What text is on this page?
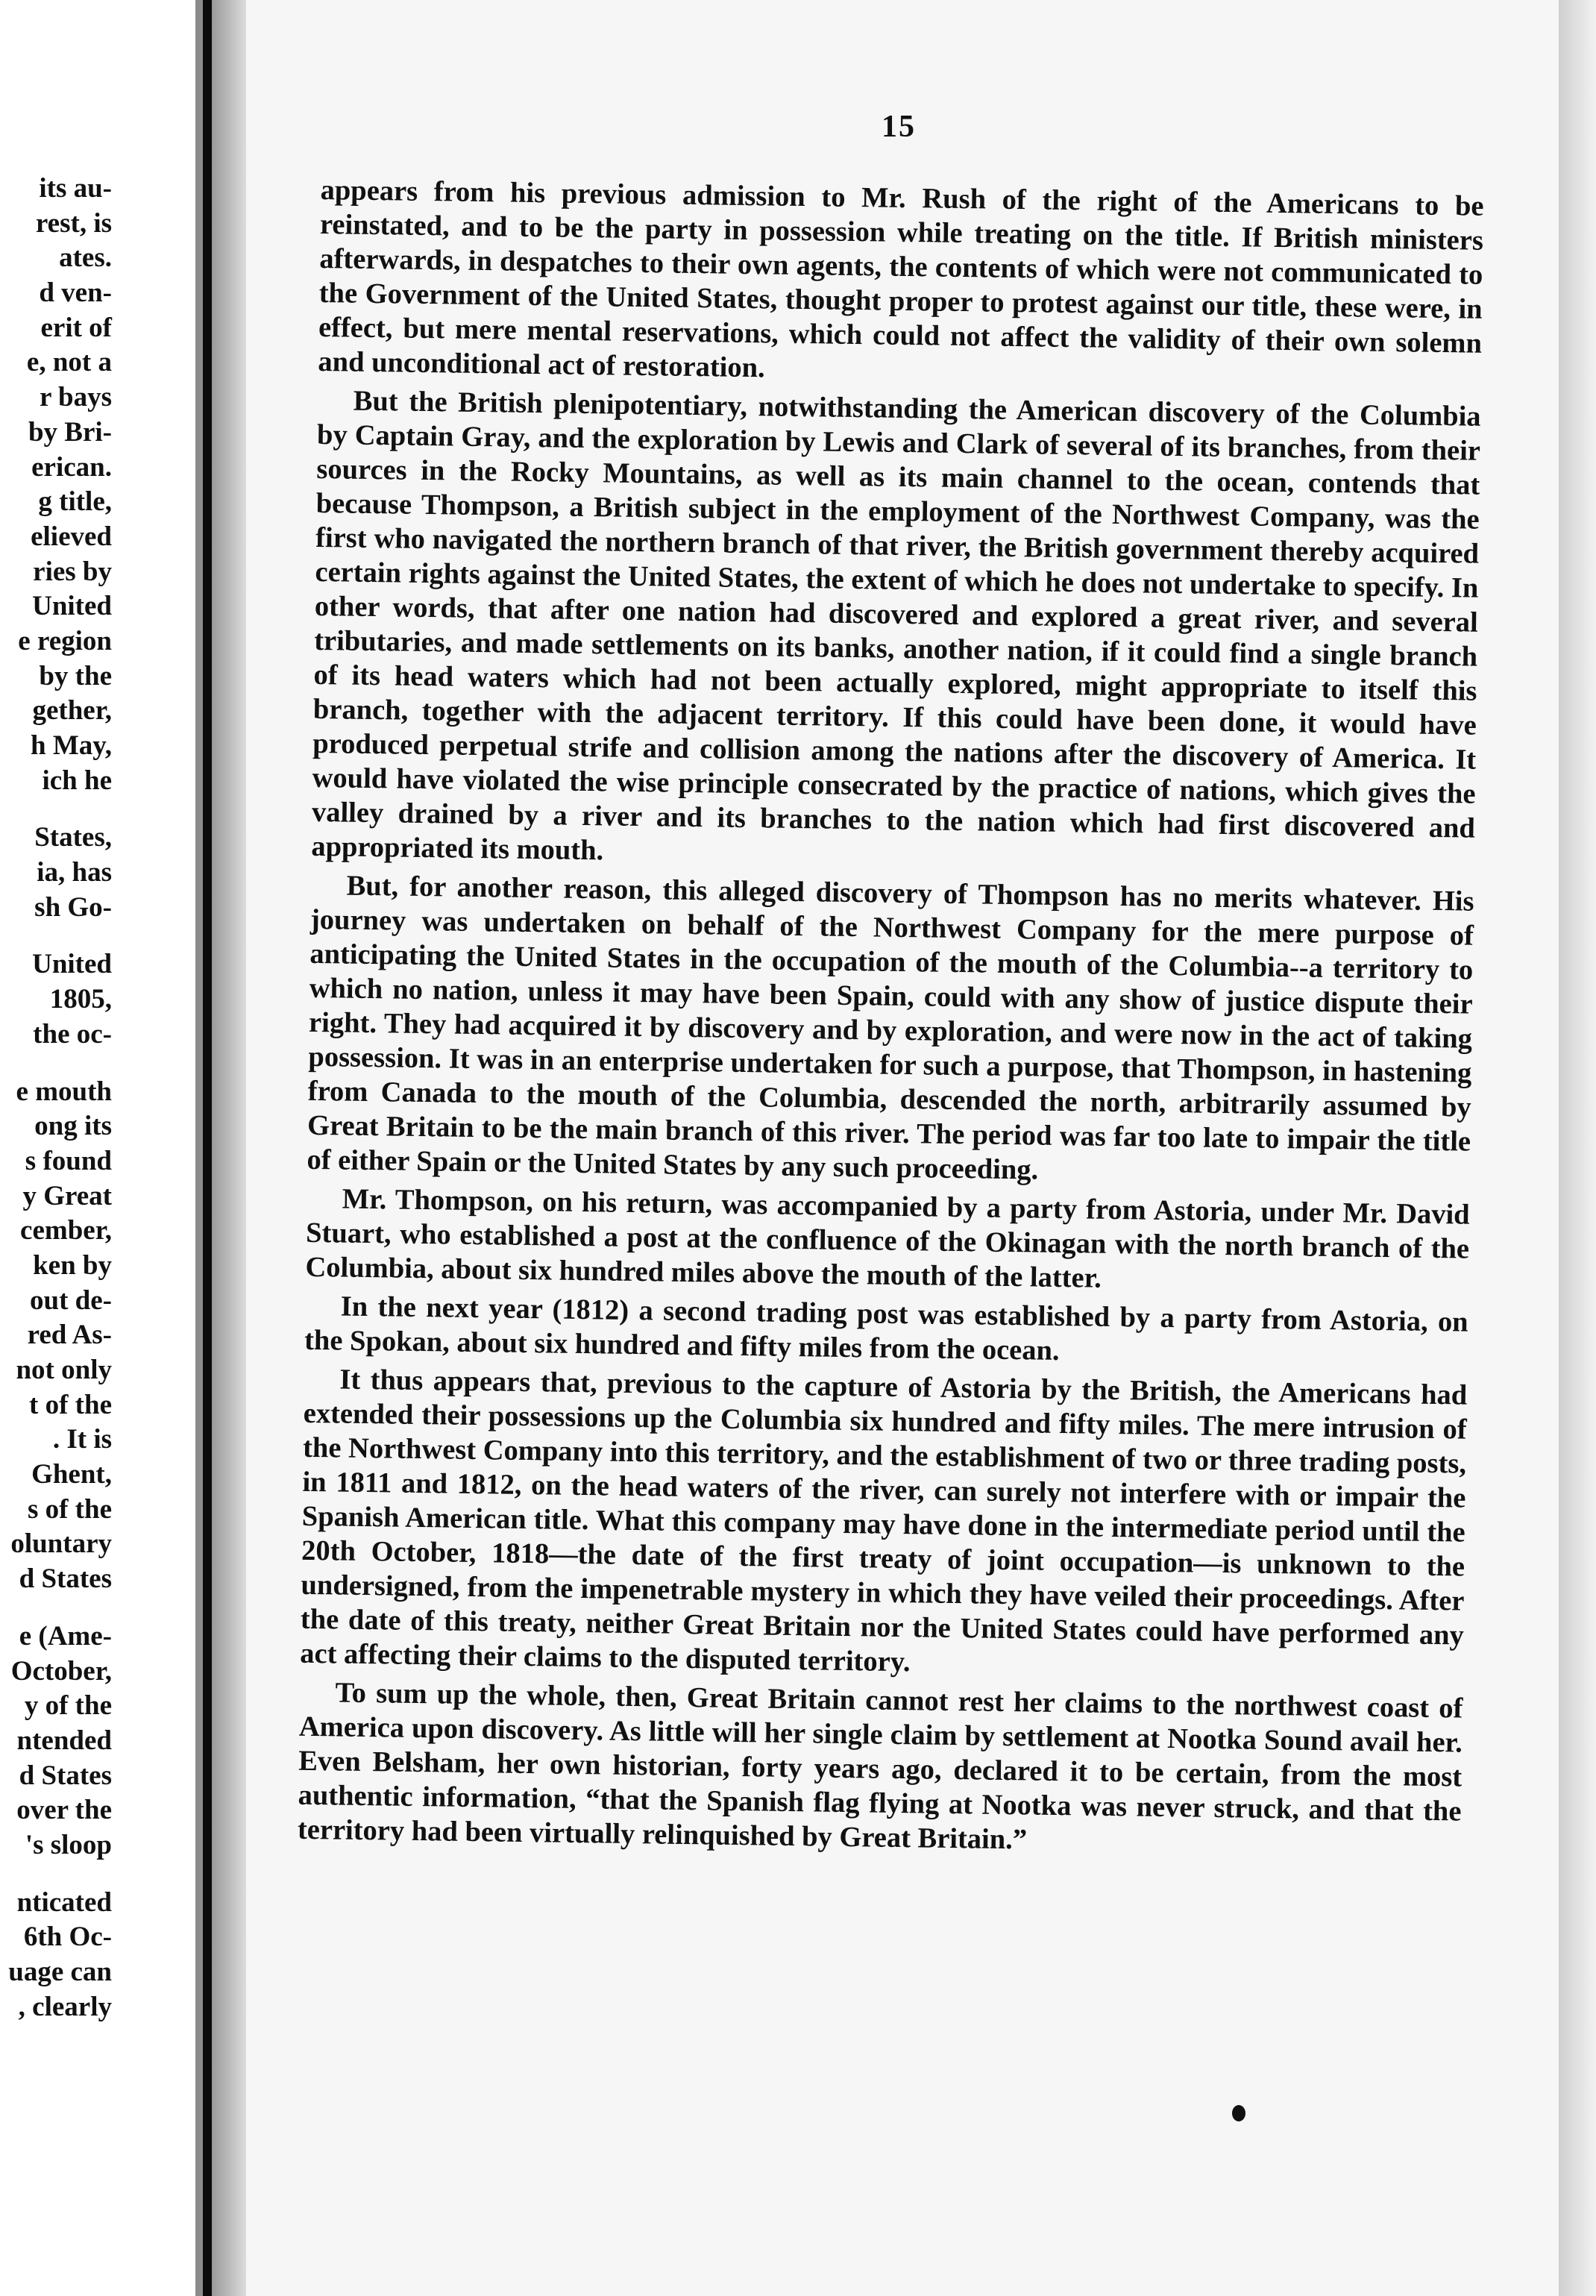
its au-
rest, is
ates.
d ven-
erit of
e, not a
r bays
by Bri-
erican.
g title,
elieved
ries by
United
e region
by the
gether,
h May,
ich he
States,
ia, has
sh Go-
United
1805,
the oc-
e mouth
ong its
s found
y Great
cember,
ken by
out de-
red As-
not only
t of the
. It is
Ghent,
s of the
oluntary
d States
e (Ame-
October,
y of the
ntended
d States
over the
's sloop
nticated
6th Oc-
uage can
, clearly
15

appears from his previous admission to Mr. Rush of the right of the Americans to be reinstated, and to be the party in possession while treating on the title. If British ministers afterwards, in despatches to their own agents, the contents of which were not communicated to the Government of the United States, thought proper to protest against our title, these were, in effect, but mere mental reservations, which could not affect the validity of their own solemn and unconditional act of restoration.

But the British plenipotentiary, notwithstanding the American discovery of the Columbia by Captain Gray, and the exploration by Lewis and Clark of several of its branches, from their sources in the Rocky Mountains, as well as its main channel to the ocean, contends that because Thompson, a British subject in the employment of the Northwest Company, was the first who navigated the northern branch of that river, the British government thereby acquired certain rights against the United States, the extent of which he does not undertake to specify. In other words, that after one nation had discovered and explored a great river, and several tributaries, and made settlements on its banks, another nation, if it could find a single branch of its head waters which had not been actually explored, might appropriate to itself this branch, together with the adjacent territory. If this could have been done, it would have produced perpetual strife and collision among the nations after the discovery of America. It would have violated the wise principle consecrated by the practice of nations, which gives the valley drained by a river and its branches to the nation which had first discovered and appropriated its mouth.

But, for another reason, this alleged discovery of Thompson has no merits whatever. His journey was undertaken on behalf of the Northwest Company for the mere purpose of anticipating the United States in the occupation of the mouth of the Columbia--a territory to which no nation, unless it may have been Spain, could with any show of justice dispute their right. They had acquired it by discovery and by exploration, and were now in the act of taking possession. It was in an enterprise undertaken for such a purpose, that Thompson, in hastening from Canada to the mouth of the Columbia, descended the north, arbitrarily assumed by Great Britain to be the main branch of this river. The period was far too late to impair the title of either Spain or the United States by any such proceeding.

Mr. Thompson, on his return, was accompanied by a party from Astoria, under Mr. David Stuart, who established a post at the confluence of the Okinagan with the north branch of the Columbia, about six hundred miles above the mouth of the latter.

In the next year (1812) a second trading post was established by a party from Astoria, on the Spokan, about six hundred and fifty miles from the ocean.

It thus appears that, previous to the capture of Astoria by the British, the Americans had extended their possessions up the Columbia six hundred and fifty miles. The mere intrusion of the Northwest Company into this territory, and the establishment of two or three trading posts, in 1811 and 1812, on the head waters of the river, can surely not interfere with or impair the Spanish American title. What this company may have done in the intermediate period until the 20th October, 1818—the date of the first treaty of joint occupation—is unknown to the undersigned, from the impenetrable mystery in which they have veiled their proceedings. After the date of this treaty, neither Great Britain nor the United States could have performed any act affecting their claims to the disputed territory.

To sum up the whole, then, Great Britain cannot rest her claims to the northwest coast of America upon discovery. As little will her single claim by settlement at Nootka Sound avail her. Even Belsham, her own historian, forty years ago, declared it to be certain, from the most authentic information, “that the Spanish flag flying at Nootka was never struck, and that the territory had been virtually relinquished by Great Britain.”
